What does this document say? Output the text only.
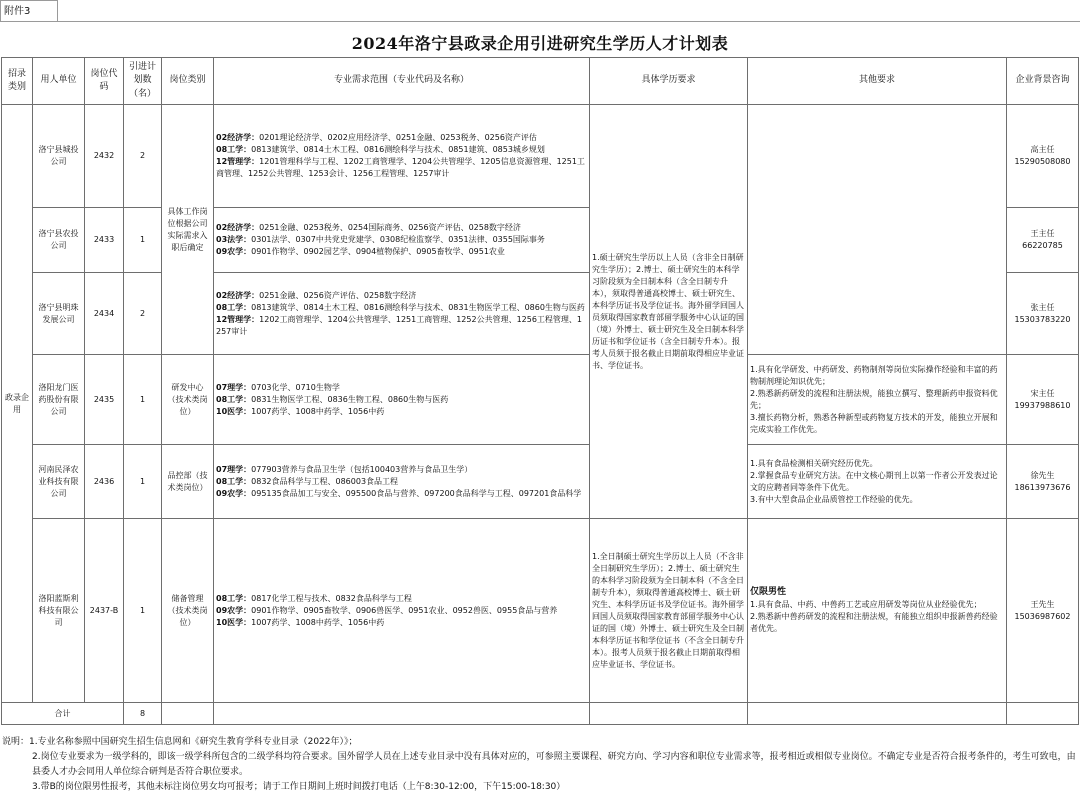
附件3
2024年洛宁县政录企用引进研究生学历人才计划表
招录类别	用人单位	岗位代码	引进计划数（名）	岗位类别	专业需求范围（专业代码及名称）	具体学历要求	其他要求	企业背景咨询
政录企用	洛宁县城投公司	2432	2	具体工作岗位根据公司实际需求入职后确定	02经济学：0201理论经济学、0202应用经济学、0251金融、0253税务、0256资产评估
08工学：0813建筑学、0814土木工程、0816测绘科学与技术、0851建筑、0853城乡规划
12管理学：1201管理科学与工程、1202工商管理学、1204公共管理学、1205信息资源管理、1251工商管理、1252公共管理、1253会计、1256工程管理、1257审计	1.硕士研究生学历以上人员（含非全日制研究生学历）；2.博士、硕士研究生的本科学习阶段须为全日制本科（含全日制专升本），须取得普通高校博士、硕士研究生、本科学历证书及学位证书。海外留学回国人员须取得国家教育部留学服务中心认证的国（境）外博士、硕士研究生及全日制本科学历证书和学位证书（含全日制专升本）。报考人员须于报名截止日期前取得相应毕业证书、学位证书。		高主任
15290508080

	洛宁县农投公司	2433	1		02经济学：0251金融、0253税务、0254国际商务、0256资产评估、0258数字经济
03法学：0301法学、0307中共党史党建学、0308纪检监察学、0351法律、0355国际事务
09农学：0901作物学、0902园艺学、0904植物保护、0905畜牧学、0951农业			王主任
66220785

	洛宁县明珠发展公司	2434	2		02经济学：0251金融、0256资产评估、0258数字经济
08工学：0813建筑学、0814土木工程、0816测绘科学与技术、0831生物医学工程、0860生物与医药
12管理学：1202工商管理学、1204公共管理学、1251工商管理、1252公共管理、1256工程管理、1257审计			张主任
15303783220

	洛阳龙门医药股份有限公司	2435	1	研发中心（技术类岗位）	07理学：0703化学、0710生物学
08工学：0831生物医学工程、0836生物工程、0860生物与医药
10医学：1007药学、1008中药学、1056中药		1.具有化学研发、中药研发、药物制剂等岗位实际操作经验和丰富的药物制剂理论知识优先；
2.熟悉新药研发的流程和注册法规，能独立撰写、整理新药申报资料优先；
3.擅长药物分析，熟悉各种新型或药物复方技术的开发，能独立开展和完成实验工作优先。	宋主任
19937988610

	河南民泽农业科技有限公司	2436	1	品控部（技术类岗位）	07理学：077903营养与食品卫生学（包括100403营养与食品卫生学）
08工学：0832食品科学与工程、086003食品工程
09农学：095135食品加工与安全、095500食品与营养、097200食品科学与工程、097201食品科学		1.具有食品检测相关研究经历优先。
2.掌握食品专业研究方法。在中文核心期刊上以第一作者公开发表过论文的应聘者同等条件下优先。
3.有中大型食品企业品质管控工作经验的优先。	徐先生
18613973676

	洛阳蓝斯利科技有限公司	2437-B	1	储备管理（技术类岗位）	08工学：0817化学工程与技术、0832食品科学与工程
09农学：0901作物学、0905畜牧学、0906兽医学、0951农业、0952兽医、0955食品与营养
10医学：1007药学、1008中药学、1056中药	1.全日制硕士研究生学历以上人员（不含非全日制研究生学历）；2.博士、硕士研究生的本科学习阶段须为全日制本科（不含全日制专升本），须取得普通高校博士、硕士研究生、本科学历证书及学位证书。海外留学回国人员须取得国家教育部留学服务中心认证的国（境）外博士、硕士研究生及全日制本科学历证书和学位证书（不含全日制专升本）。报考人员须于报名截止日期前取得相应毕业证书、学位证书。	仅限男性
1.具有食品、中药、中兽药工艺或应用研发等岗位从业经验优先；
2.熟悉新中兽药研发的流程和注册法规，有能独立组织申报新兽药经验者优先。	王先生
15036987602

合计			8					
说明：1.专业名称参照中国研究生招生信息网和《研究生教育学科专业目录（2022年）》；
2.岗位专业要求为一级学科的，即该一级学科所包含的二级学科均符合要求。国外留学人员在上述专业目录中没有具体对应的，可参照主要课程、研究方向、学习内容和职位专业需求等，报考相近或相似专业岗位。不确定专业是否符合报考条件的，考生可致电，由县委人才办会同用人单位综合研判是否符合职位要求。
3.带B的岗位限男性报考，其他未标注岗位男女均可报考；请于工作日期间上班时间拨打电话（上午8:30-12:00，下午15:00-18:30）
